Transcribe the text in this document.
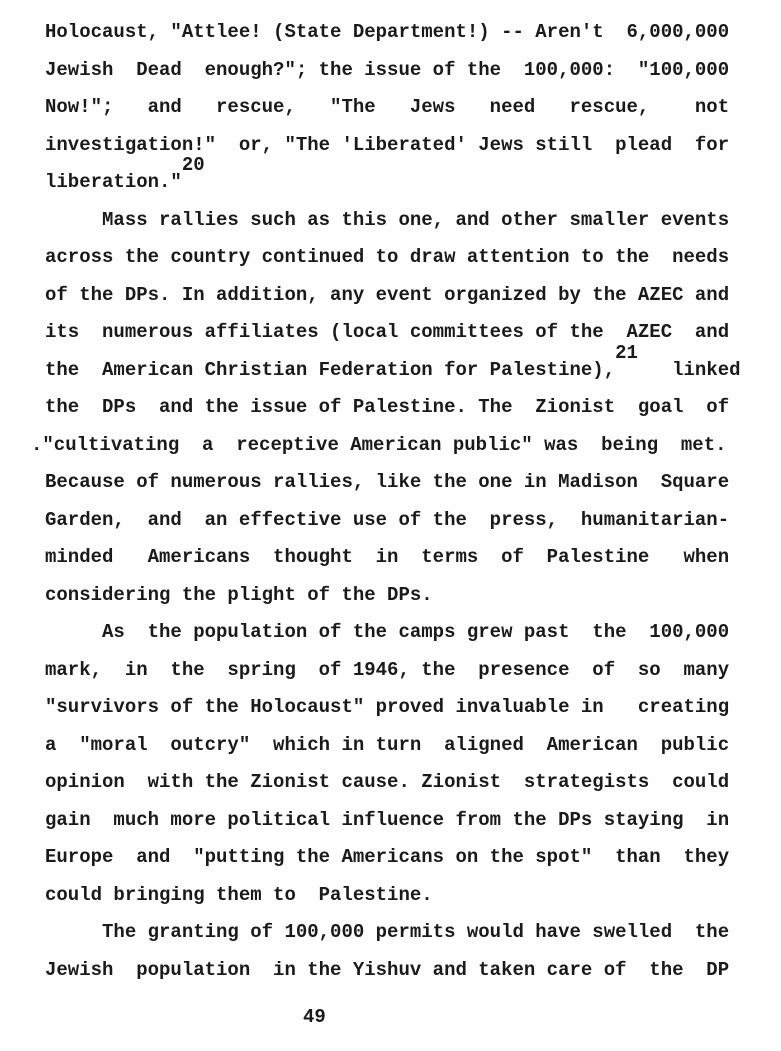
Holocaust, "Attlee! (State Department!) -- Aren't  6,000,000
Jewish  Dead  enough?"; the issue of the  100,000:  "100,000
Now!";   and   rescue,   "The   Jews   need   rescue,    not
investigation!"  or, "The 'Liberated' Jews still  plead  for
liberation."20
Mass rallies such as this one, and other smaller events
across the country continued to draw attention to the  needs
of the DPs. In addition, any event organized by the AZEC and
its  numerous affiliates (local committees of the  AZEC  and
the  American Christian Federation for Palestine),21   linked
the  DPs  and the issue of Palestine. The  Zionist  goal  of
."cultivating  a  receptive American public" was  being  met.
Because of numerous rallies, like the one in Madison  Square
Garden,  and  an effective use of the  press,  humanitarian-
minded   Americans  thought  in  terms  of  Palestine   when
considering the plight of the DPs.
As  the population of the camps grew past  the  100,000
mark,  in  the  spring  of 1946, the  presence  of  so  many
"survivors of the Holocaust" proved invaluable in   creating
a  "moral  outcry"  which in turn  aligned  American  public
opinion  with the Zionist cause. Zionist  strategists  could
gain  much more political influence from the DPs staying  in
Europe  and  "putting the Americans on the spot"  than  they
could bringing them to  Palestine.
The granting of 100,000 permits would have swelled  the
Jewish  population  in the Yishuv and taken care of  the  DP
49
